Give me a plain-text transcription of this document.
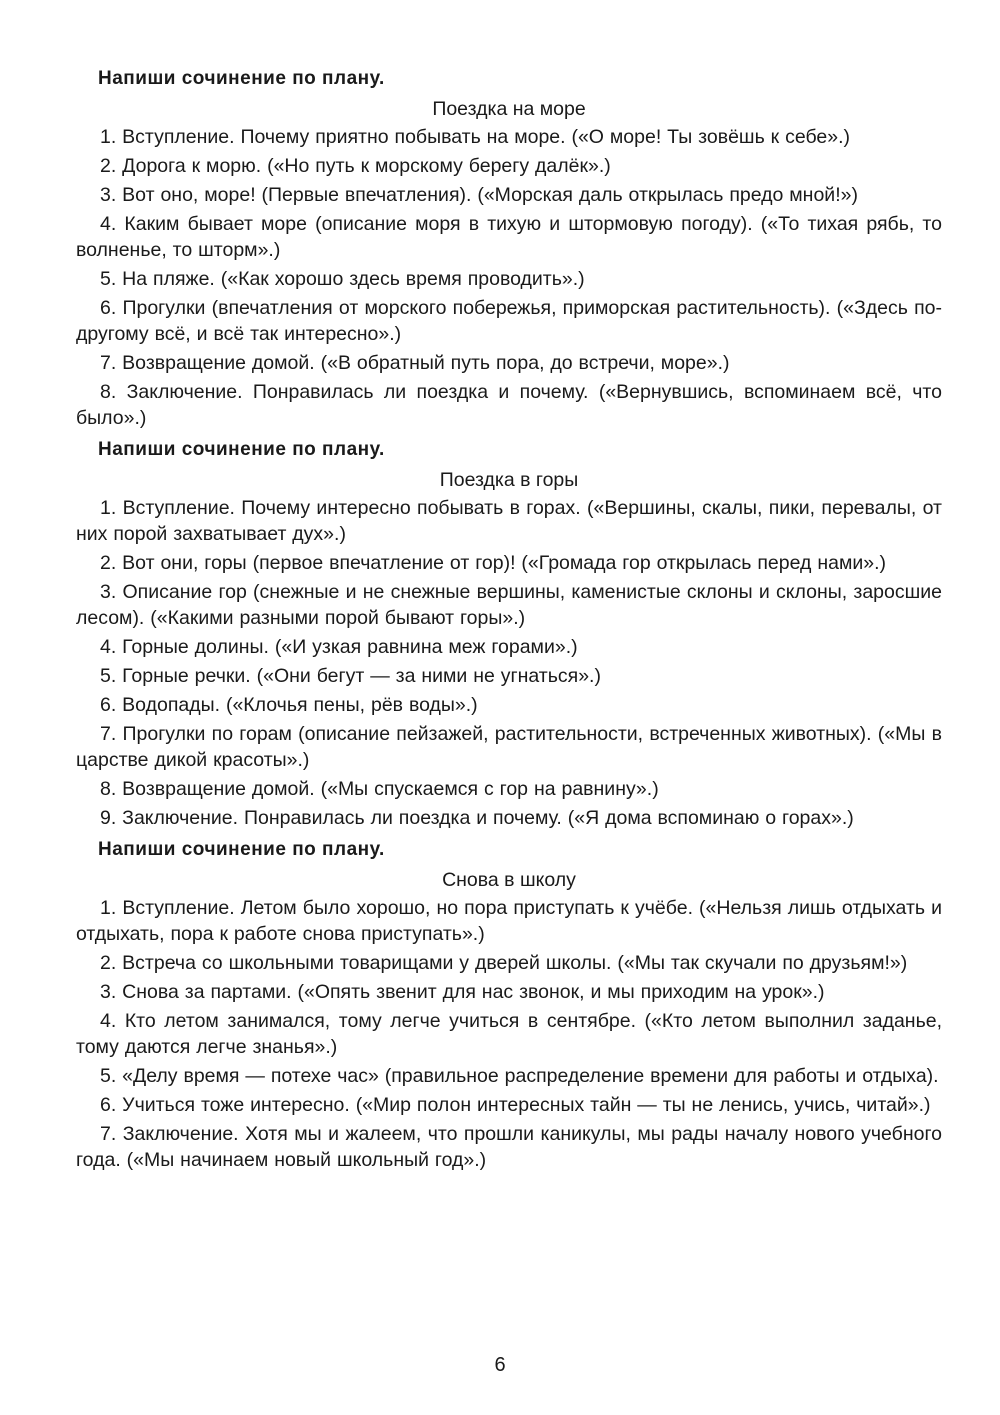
Напиши сочинение по плану.
Поездка на море

1. Вступление. Почему приятно побывать на море. («О море! Ты зовёшь к себе».)

2. Дорога к морю. («Но путь к морскому берегу далёк».)

3. Вот оно, море! (Первые впечатления). («Морская даль открылась предо мной!»)

4. Каким бывает море (описание моря в тихую и штормовую погоду). («То тихая рябь, то волненье, то шторм».)

5. На пляже. («Как хорошо здесь время проводить».)

6. Прогулки (впечатления от морского побережья, приморская растительность). («Здесь по-другому всё, и всё так интересно».)

7. Возвращение домой. («В обратный путь пора, до встречи, море».)

8. Заключение. Понравилась ли поездка и почему. («Вернувшись, вспоминаем всё, что было».)

Напиши сочинение по плану.
Поездка в горы

1. Вступление. Почему интересно побывать в горах. («Вершины, скалы, пики, перевалы, от них порой захватывает дух».)

2. Вот они, горы (первое впечатление от гор)! («Громада гор открылась перед нами».)

3. Описание гор (снежные и не снежные вершины, каменистые склоны и склоны, заросшие лесом). («Какими разными порой бывают горы».)

4. Горные долины. («И узкая равнина меж горами».)

5. Горные речки. («Они бегут — за ними не угнаться».)

6. Водопады. («Клочья пены, рёв воды».)

7. Прогулки по горам (описание пейзажей, растительности, встреченных животных). («Мы в царстве дикой красоты».)

8. Возвращение домой. («Мы спускаемся с гор на равнину».)

9. Заключение. Понравилась ли поездка и почему. («Я дома вспоминаю о горах».)

Напиши сочинение по плану.
Снова в школу

1. Вступление. Летом было хорошо, но пора приступать к учёбе. («Нельзя лишь отдыхать и отдыхать, пора к работе снова приступать».)

2. Встреча со школьными товарищами у дверей школы. («Мы так скучали по друзьям!»)

3. Снова за партами. («Опять звенит для нас звонок, и мы приходим на урок».)

4. Кто летом занимался, тому легче учиться в сентябре. («Кто летом выполнил заданье, тому даются легче знанья».)

5. «Делу время — потехе час» (правильное распределение времени для работы и отдыха).

6. Учиться тоже интересно. («Мир полон интересных тайн — ты не ленись, учись, читай».)

7. Заключение. Хотя мы и жалеем, что прошли каникулы, мы рады началу нового учебного года. («Мы начинаем новый школьный год».)

6
